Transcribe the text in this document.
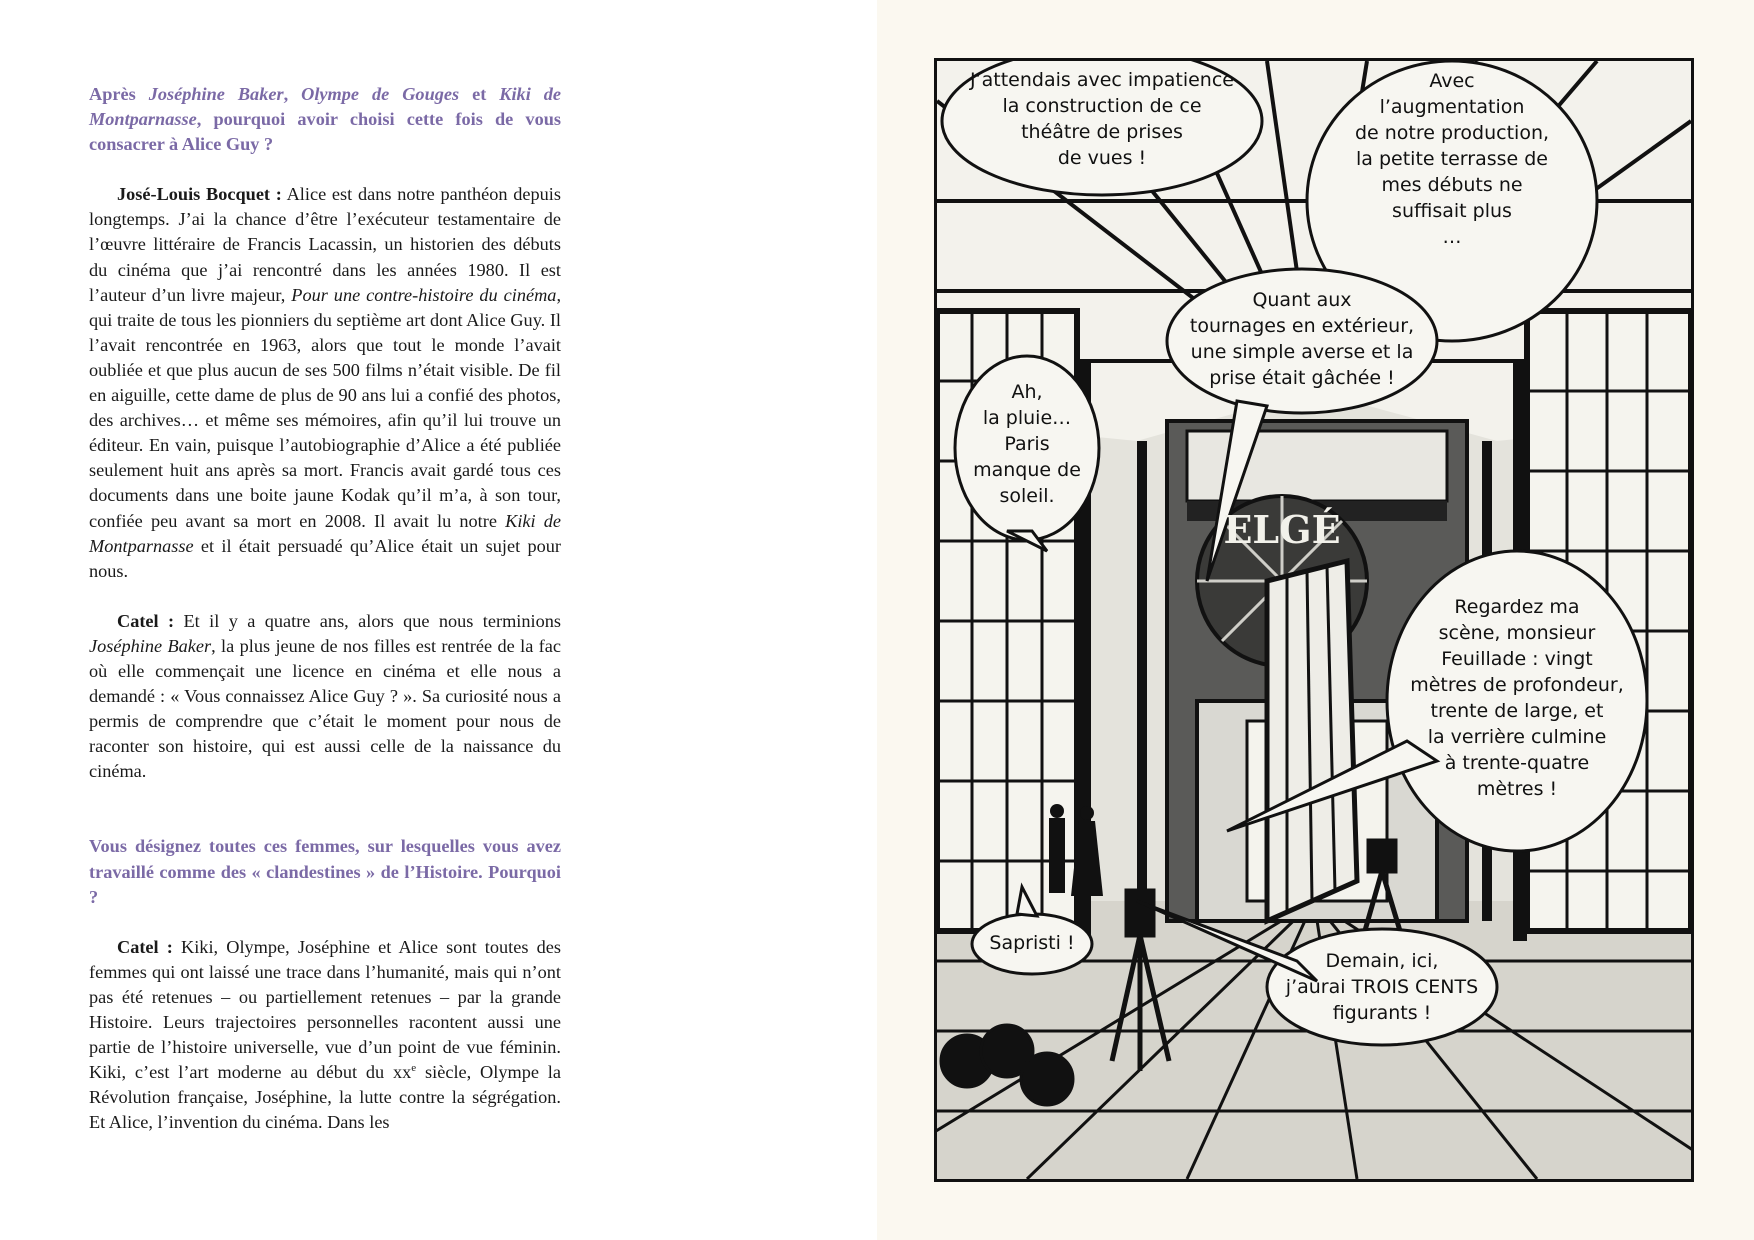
Après Joséphine Baker, Olympe de Gouges et Kiki de Montparnasse, pourquoi avoir choisi cette fois de vous consacrer à Alice Guy ?

José-Louis Bocquet : Alice est dans notre panthéon depuis longtemps. J’ai la chance d’être l’exécuteur testamentaire de l’œuvre littéraire de Francis Lacassin, un historien des débuts du cinéma que j’ai rencontré dans les années 1980. Il est l’auteur d’un livre majeur, Pour une contre-histoire du cinéma, qui traite de tous les pionniers du septième art dont Alice Guy. Il l’avait rencontrée en 1963, alors que tout le monde l’avait oubliée et que plus aucun de ses 500 films n’était visible. De fil en aiguille, cette dame de plus de 90 ans lui a confié des photos, des archives… et même ses mémoires, afin qu’il lui trouve un éditeur. En vain, puisque l’autobiographie d’Alice a été publiée seulement huit ans après sa mort. Francis avait gardé tous ces documents dans une boite jaune Kodak qu’il m’a, à son tour, confiée peu avant sa mort en 2008. Il avait lu notre Kiki de Montparnasse et il était persuadé qu’Alice était un sujet pour nous.

Catel : Et il y a quatre ans, alors que nous terminions Joséphine Baker, la plus jeune de nos filles est rentrée de la fac où elle commençait une licence en cinéma et elle nous a demandé : « Vous connaissez Alice Guy ? ». Sa curiosité nous a permis de comprendre que c’était le moment pour nous de raconter son histoire, qui est aussi celle de la naissance du cinéma.

Vous désignez toutes ces femmes, sur lesquelles vous avez travaillé comme des « clandestines » de l’Histoire. Pourquoi ?

Catel : Kiki, Olympe, Joséphine et Alice sont toutes des femmes qui ont laissé une trace dans l’humanité, mais qui n’ont pas été retenues – ou partiellement retenues – par la grande Histoire. Leurs trajectoires personnelles racontent aussi une partie de l’histoire universelle, vue d’un point de vue féminin. Kiki, c’est l’art moderne au début du $xx^e$ siècle, Olympe la Révolution française, Joséphine, la lutte contre la ségrégation. Et Alice, l’invention du cinéma. Dans les

ELGÉ
J’attendais avec impatience
la construction de ce
théâtre de prises
de vues !
Avec
l’augmentation
de notre production,
la petite terrasse de
mes débuts ne
suffisait plus
…
Quant aux
tournages en extérieur,
une simple averse et la
prise était gâchée !
Ah,
la pluie…
Paris
manque de
soleil.
Regardez ma
scène, monsieur
Feuillade : vingt
mètres de profondeur,
trente de large, et
la verrière culmine
à trente-quatre
mètres !
Sapristi !
Demain, ici,
j’aurai TROIS CENTS
figurants !
